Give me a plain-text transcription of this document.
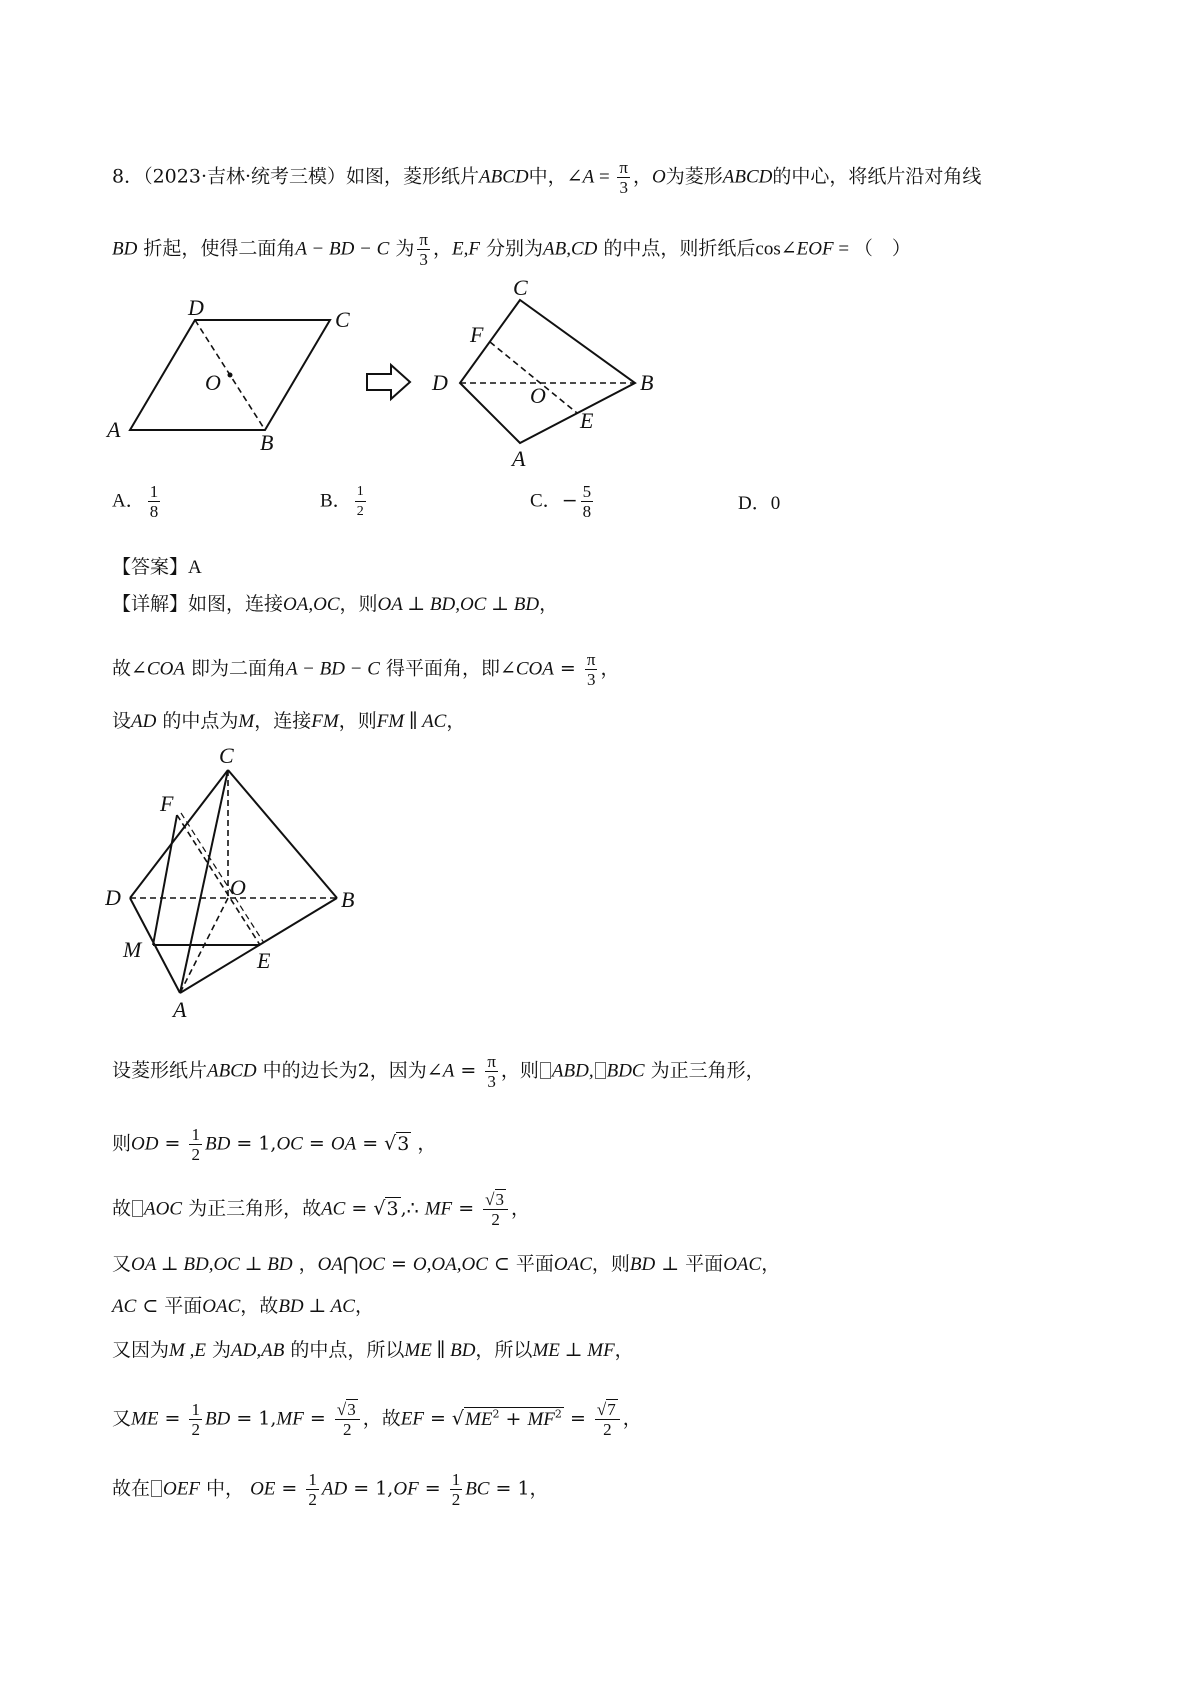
8．（2023·吉林·统考三模）如图，菱形纸片ABCD中，∠A = $\frac{\pi}{3}$ ，O为菱形ABCD的中心，将纸片沿对角线
BD 折起，使得二面角A − BD − C 为 $\frac{\pi}{3}$ ，E,F 分别为AB,CD 的中点，则折纸后cos∠EOF = （　）
D	C
O
A
B
C
F
D
O
B
E
A
A． $\frac{1}{8}$	B． $\frac{1}{2}$	C．− $\frac{5}{8}$	D．0
【答案】A
【详解】如图，连接OA,OC，则OA ⊥ BD,OC ⊥ BD，
故∠COA 即为二面角A − BD − C 得平面角，即∠COA = $\frac{\pi}{3}$ ，
设AD 的中点为M，连接FM，则FM ∥ AC，
C
F
O
D	B
M	E
A
设菱形纸片ABCD 中的边长为2，因为∠A = $\frac{\pi}{3}$ ，则 ABD, BDC 为正三角形，
则OD = $\frac{1}{2}$ BD = 1,OC = OA = √3 ，
故 AOC 为正三角形，故AC = √3 ,∴ MF = $\frac{√3}{2}$ ，
又OA ⊥ BD,OC ⊥ BD ，OA⋂OC = O,OA,OC ⊂ 平面OAC，则BD ⊥ 平面OAC，
AC ⊂ 平面OAC，故BD ⊥ AC，
又因为M ,E 为AD,AB 的中点，所以ME ∥ BD，所以ME ⊥ MF，
又ME = $\frac{1}{2}$ BD = $1,MF = \frac{√3}{2}$ ，故EF = $√ME^2 + MF^2 = \frac{√7}{2}$ ，
故在 OEF 中， OE = $\frac{1}{2}$ AD = $1,OF = \frac{1}{2}$ BC = 1，
